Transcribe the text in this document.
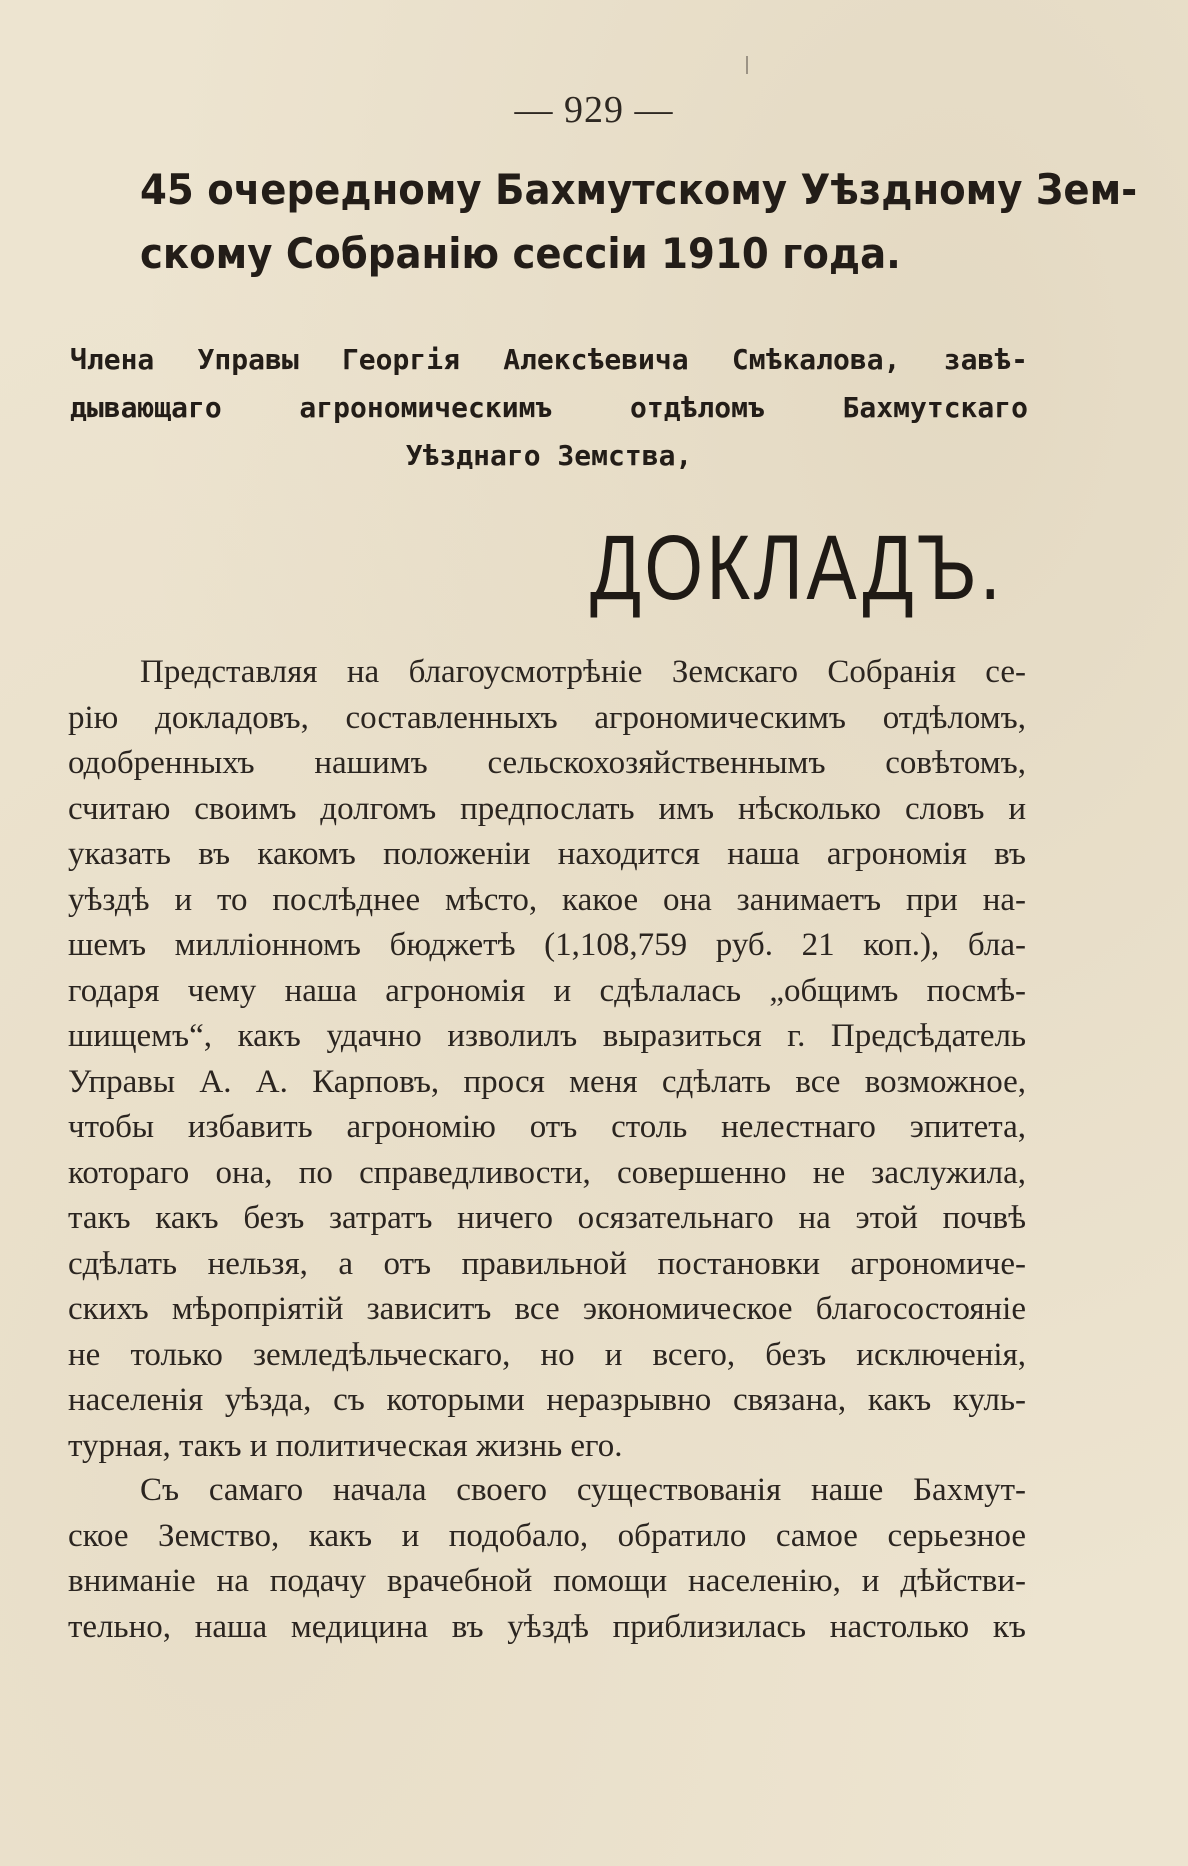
— 929 —
45 очередному Бахмутскому Уѣздному Зем-
скому Собранію сессіи 1910 года.
Члена Управы Георгія Алексѣевича Смѣкалова, завѣ-
дывающаго агрономическимъ отдѣломъ Бахмутскаго
Уѣзднаго Земства,
ДОКЛАДЪ.
Представляя на благоусмотрѣніе Земскаго Собранія се-
рію докладовъ, составленныхъ агрономическимъ отдѣломъ,
одобренныхъ нашимъ сельскохозяйственнымъ совѣтомъ,
считаю своимъ долгомъ предпослать имъ нѣсколько словъ и
указать въ какомъ положеніи находится наша агрономія въ
уѣздѣ и то послѣднее мѣсто, какое она занимаетъ при на-
шемъ милліонномъ бюджетѣ (1,108,759 руб. 21 коп.), бла-
годаря чему наша агрономія и сдѣлалась „общимъ посмѣ-
шищемъ“, какъ удачно изволилъ выразиться г. Предсѣдатель
Управы А. А. Карповъ, прося меня сдѣлать все возможное,
чтобы избавить агрономію отъ столь нелестнаго эпитета,
котораго она, по справедливости, совершенно не заслужила,
такъ какъ безъ затратъ ничего осязательнаго на этой почвѣ
сдѣлать нельзя, а отъ правильной постановки агрономиче-
скихъ мѣропріятій зависитъ все экономическое благосостояніе
не только земледѣльческаго, но и всего, безъ исключенія,
населенія уѣзда, съ которыми неразрывно связана, какъ куль-
турная, такъ и политическая жизнь его.
Съ самаго начала своего существованія наше Бахмут-
ское Земство, какъ и подобало, обратило самое серьезное
вниманіе на подачу врачебной помощи населенію, и дѣйстви-
тельно, наша медицина въ уѣздѣ приблизилась настолько къ
